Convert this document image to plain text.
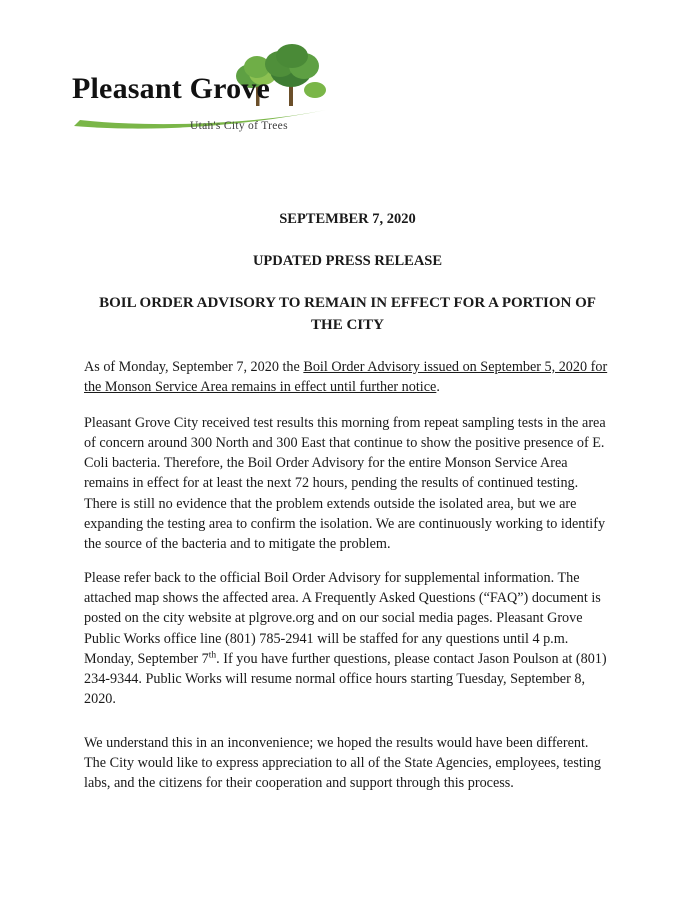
Pleasant Grove
Utah's City of Trees
SEPTEMBER 7, 2020
UPDATED PRESS RELEASE
BOIL ORDER ADVISORY TO REMAIN IN EFFECT FOR A PORTION OF THE CITY

As of Monday, September 7, 2020 the Boil Order Advisory issued on September 5, 2020 for the Monson Service Area remains in effect until further notice.

Pleasant Grove City received test results this morning from repeat sampling tests in the area of concern around 300 North and 300 East that continue to show the positive presence of E. Coli bacteria. Therefore, the Boil Order Advisory for the entire Monson Service Area remains in effect for at least the next 72 hours, pending the results of continued testing. There is still no evidence that the problem extends outside the isolated area, but we are expanding the testing area to confirm the isolation. We are continuously working to identify the source of the bacteria and to mitigate the problem.

Please refer back to the official Boil Order Advisory for supplemental information. The attached map shows the affected area. A Frequently Asked Questions (“FAQ”) document is posted on the city website at plgrove.org and on our social media pages. Pleasant Grove Public Works office line (801) 785-2941 will be staffed for any questions until 4 p.m. Monday, September 7th. If you have further questions, please contact Jason Poulson at (801) 234-9344. Public Works will resume normal office hours starting Tuesday, September 8, 2020.

We understand this in an inconvenience; we hoped the results would have been different. The City would like to express appreciation to all of the State Agencies, employees, testing labs, and the citizens for their cooperation and support through this process.
